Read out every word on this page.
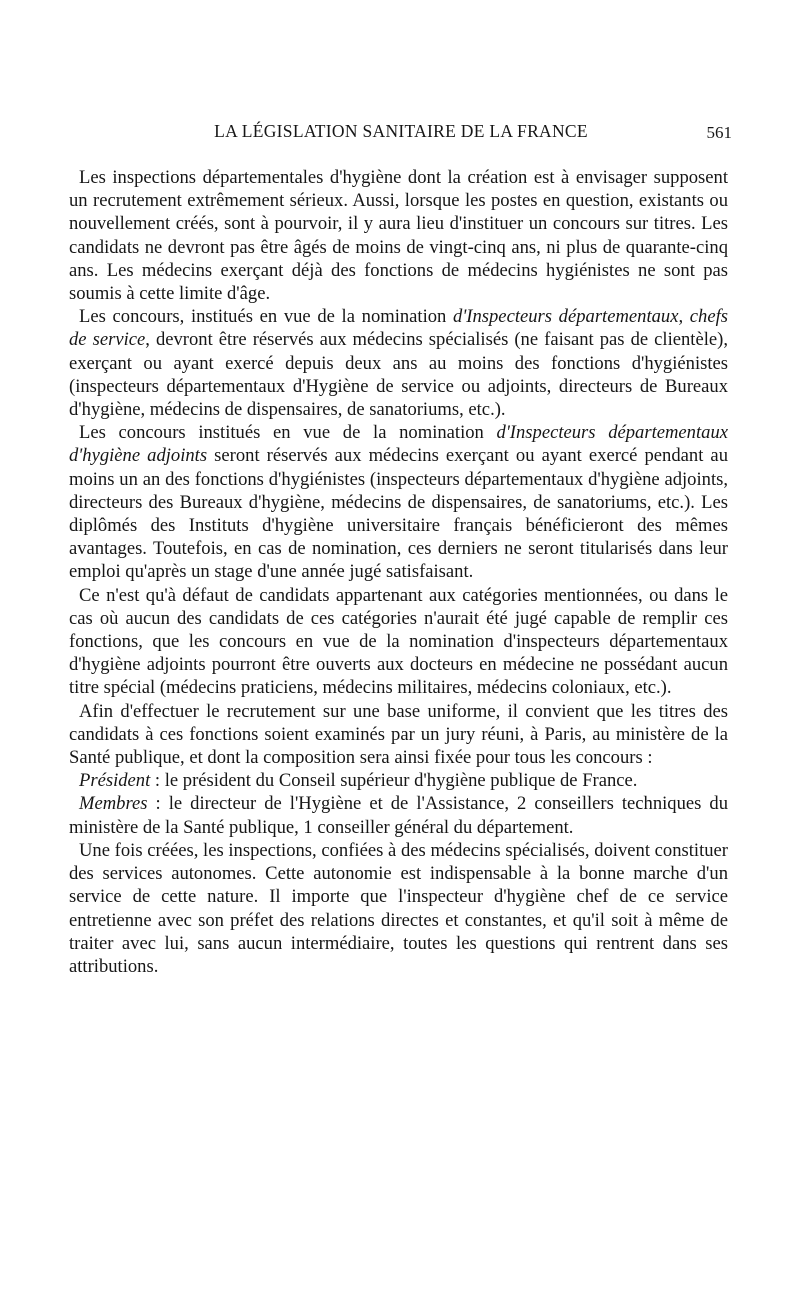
LA LÉGISLATION SANITAIRE DE LA FRANCE	561

Les inspections départementales d'hygiène dont la création est à envisager supposent un recrutement extrêmement sérieux. Aussi, lorsque les postes en question, existants ou nouvellement créés, sont à pourvoir, il y aura lieu d'instituer un concours sur titres. Les candidats ne devront pas être âgés de moins de vingt-cinq ans, ni plus de quarante-cinq ans. Les médecins exerçant déjà des fonctions de médecins hygiénistes ne sont pas soumis à cette limite d'âge.

Les concours, institués en vue de la nomination d'Inspecteurs départementaux, chefs de service, devront être réservés aux médecins spécialisés (ne faisant pas de clientèle), exerçant ou ayant exercé depuis deux ans au moins des fonctions d'hygiénistes (inspecteurs départementaux d'Hygiène de service ou adjoints, directeurs de Bureaux d'hygiène, médecins de dispensaires, de sanatoriums, etc.).

Les concours institués en vue de la nomination d'Inspecteurs départementaux d'hygiène adjoints seront réservés aux médecins exerçant ou ayant exercé pendant au moins un an des fonctions d'hygiénistes (inspecteurs départementaux d'hygiène adjoints, directeurs des Bureaux d'hygiène, médecins de dispensaires, de sanatoriums, etc.). Les diplômés des Instituts d'hygiène universitaire français bénéficieront des mêmes avantages. Toutefois, en cas de nomination, ces derniers ne seront titularisés dans leur emploi qu'après un stage d'une année jugé satisfaisant.

Ce n'est qu'à défaut de candidats appartenant aux catégories mentionnées, ou dans le cas où aucun des candidats de ces catégories n'aurait été jugé capable de remplir ces fonctions, que les concours en vue de la nomination d'inspecteurs départementaux d'hygiène adjoints pourront être ouverts aux docteurs en médecine ne possédant aucun titre spécial (médecins praticiens, médecins militaires, médecins coloniaux, etc.).

Afin d'effectuer le recrutement sur une base uniforme, il convient que les titres des candidats à ces fonctions soient examinés par un jury réuni, à Paris, au ministère de la Santé publique, et dont la composition sera ainsi fixée pour tous les concours :

Président : le président du Conseil supérieur d'hygiène publique de France.

Membres : le directeur de l'Hygiène et de l'Assistance, 2 conseillers techniques du ministère de la Santé publique, 1 conseiller général du département.

Une fois créées, les inspections, confiées à des médecins spécialisés, doivent constituer des services autonomes. Cette autonomie est indispensable à la bonne marche d'un service de cette nature. Il importe que l'inspecteur d'hygiène chef de ce service entretienne avec son préfet des relations directes et constantes, et qu'il soit à même de traiter avec lui, sans aucun intermédiaire, toutes les questions qui rentrent dans ses attributions.
